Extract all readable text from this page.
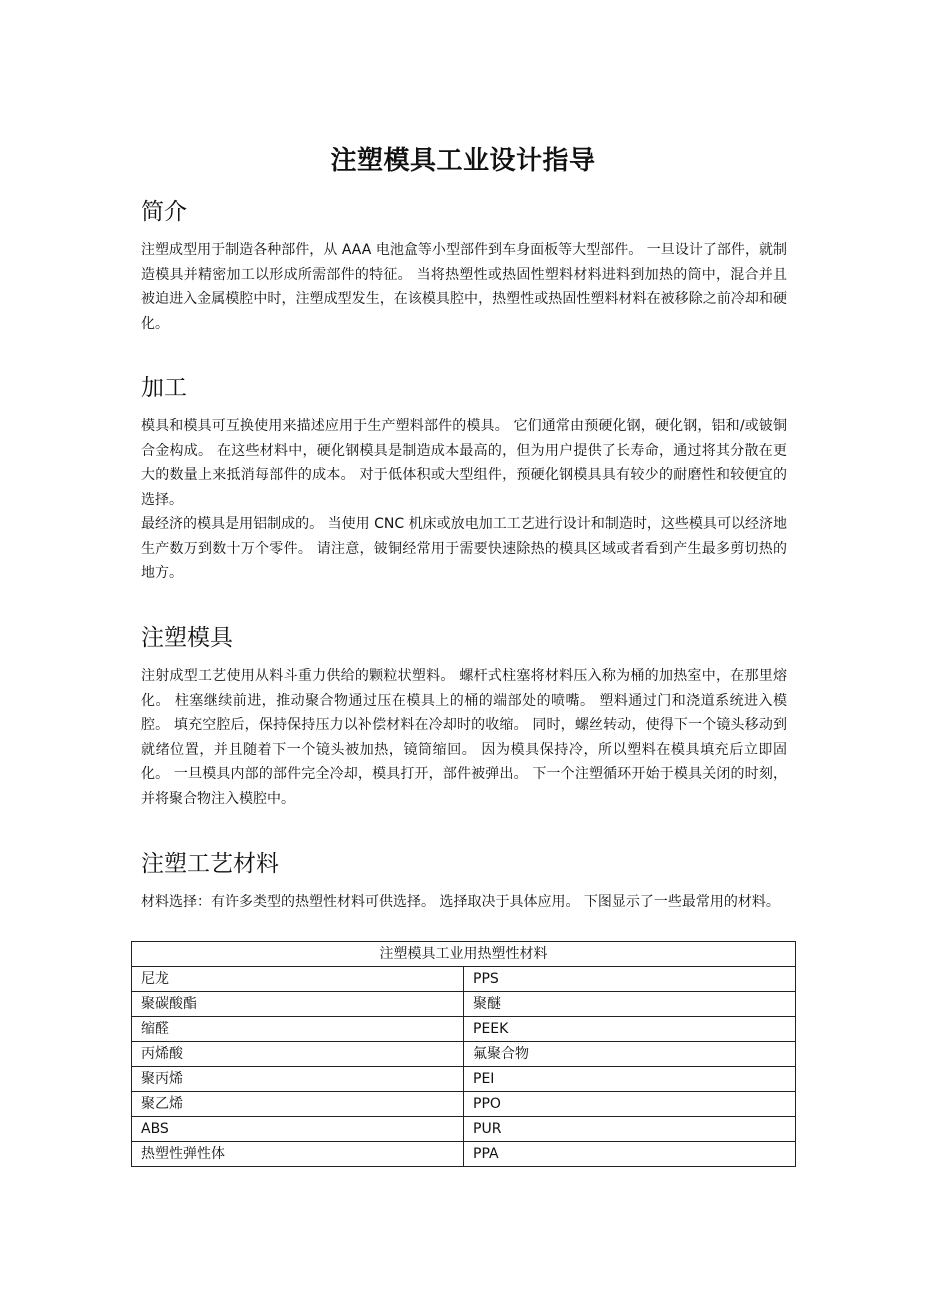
注塑模具工业设计指导
简介

注塑成型用于制造各种部件，从 AAA 电池盒等小型部件到车身面板等大型部件。 一旦设计了部件，就制造模具并精密加工以形成所需部件的特征。 当将热塑性或热固性塑料材料进料到加热的筒中，混合并且被迫进入金属模腔中时，注塑成型发生，在该模具腔中，热塑性或热固性塑料材料在被移除之前冷却和硬化。

加工

模具和模具可互换使用来描述应用于生产塑料部件的模具。 它们通常由预硬化钢，硬化钢，铝和/或铍铜合金构成。 在这些材料中，硬化钢模具是制造成本最高的，但为用户提供了长寿命，通过将其分散在更大的数量上来抵消每部件的成本。 对于低体积或大型组件，预硬化钢模具具有较少的耐磨性和较便宜的选择。

最经济的模具是用铝制成的。 当使用 CNC 机床或放电加工工艺进行设计和制造时，这些模具可以经济地生产数万到数十万个零件。 请注意，铍铜经常用于需要快速除热的模具区域或者看到产生最多剪切热的地方。

注塑模具

注射成型工艺使用从料斗重力供给的颗粒状塑料。 螺杆式柱塞将材料压入称为桶的加热室中，在那里熔化。 柱塞继续前进，推动聚合物通过压在模具上的桶的端部处的喷嘴。 塑料通过门和浇道系统进入模腔。 填充空腔后，保持保持压力以补偿材料在冷却时的收缩。 同时，螺丝转动，使得下一个镜头移动到就绪位置，并且随着下一个镜头被加热，镜筒缩回。 因为模具保持冷，所以塑料在模具填充后立即固化。 一旦模具内部的部件完全冷却，模具打开，部件被弹出。 下一个注塑循环开始于模具关闭的时刻，并将聚合物注入模腔中。

注塑工艺材料

材料选择：有许多类型的热塑性材料可供选择。 选择取决于具体应用。 下图显示了一些最常用的材料。

注塑模具工业用热塑性材料	
尼龙	PPS
聚碳酸酯	聚醚
缩醛	PEEK
丙烯酸	氟聚合物
聚丙烯	PEI
聚乙烯	PPO
ABS	PUR
热塑性弹性体	PPA
